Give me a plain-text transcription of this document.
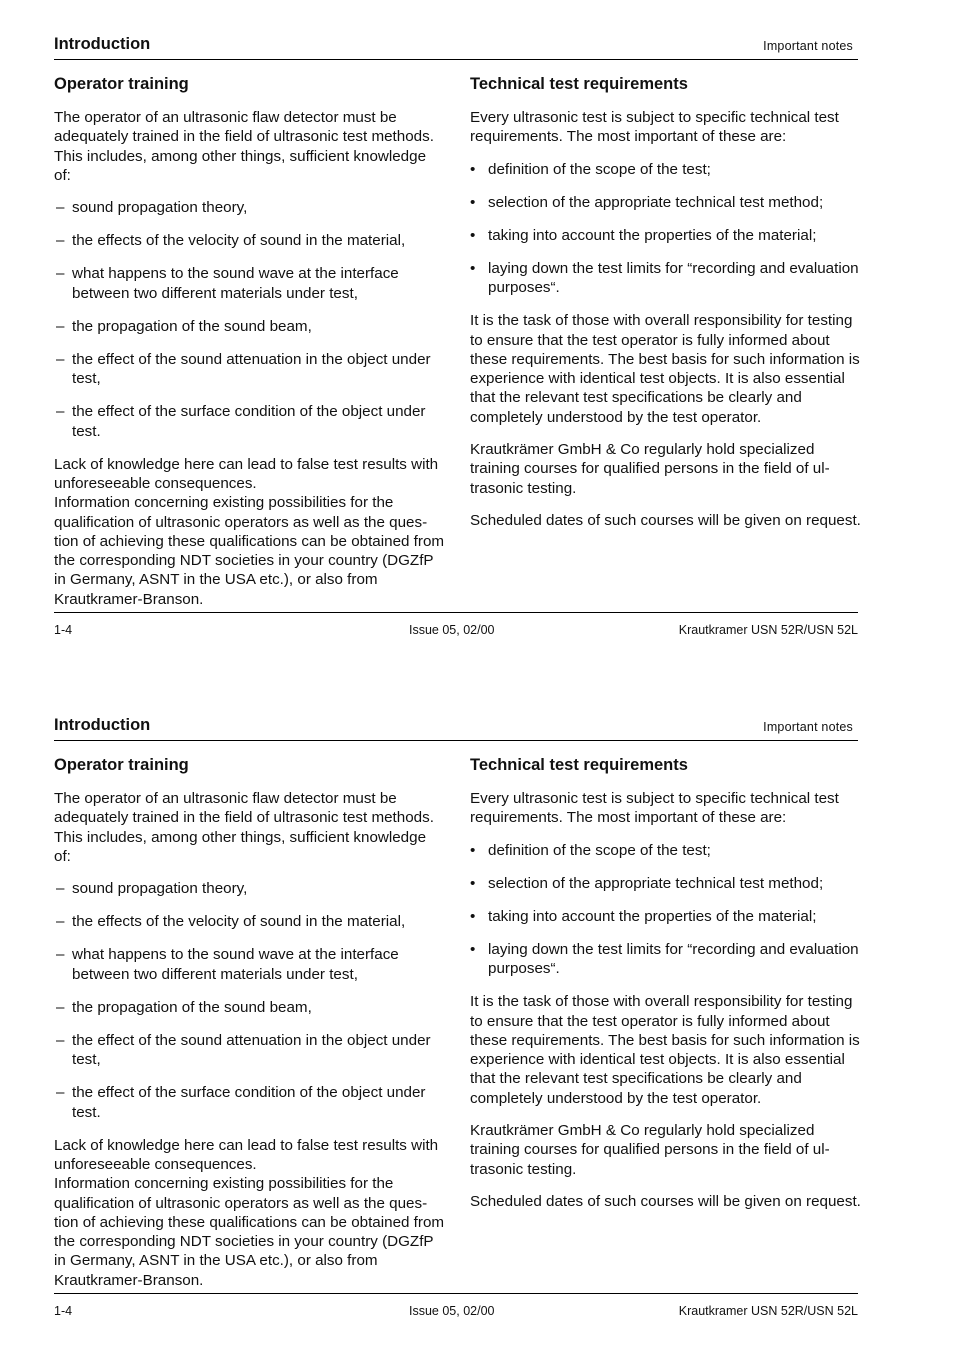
Introduction	Important notes
Operator training

The operator of an ultrasonic flaw detector must be adequately trained in the field of ultrasonic test methods. This includes, among other things, sufficient knowledge of:

– sound propagation theory,
– the effects of the velocity of sound in the material,
– what happens to the sound wave at the interface between two different materials under test,
– the propagation of the sound beam,
– the effect of the sound attenuation in the object under test,
– the effect of the surface condition of the object under test.

Lack of knowledge here can lead to false test results with unforeseeable consequences.

Information concerning existing possibilities for the qualification of ultrasonic operators as well as the question of achieving these qualifications can be obtained from the corresponding NDT societies in your country (DGZfP in Germany, ASNT in the USA etc.), or also from Krautkramer-Branson.

Technical test requirements

Every ultrasonic test is subject to specific technical test requirements. The most important of these are:

• definition of the scope of the test;
• selection of the appropriate technical test method;
• taking into account the properties of the material;
• laying down the test limits for “recording and evaluation purposes“.

It is the task of those with overall responsibility for testing to ensure that the test operator is fully informed about these requirements. The best basis for such information is experience with identical test objects. It is also essential that the relevant test specifications be clearly and completely understood by the test operator.

Krautkrämer GmbH & Co regularly hold specialized training courses for qualified persons in the field of ultrasonic testing.

Scheduled dates of such courses will be given on request.

1-4	Issue 05, 02/00	Krautkramer USN 52R/USN 52L
Introduction	Important notes
Operator training

The operator of an ultrasonic flaw detector must be adequately trained in the field of ultrasonic test methods. This includes, among other things, sufficient knowledge of:

– sound propagation theory,
– the effects of the velocity of sound in the material,
– what happens to the sound wave at the interface between two different materials under test,
– the propagation of the sound beam,
– the effect of the sound attenuation in the object under test,
– the effect of the surface condition of the object under test.

Lack of knowledge here can lead to false test results with unforeseeable consequences.

Information concerning existing possibilities for the qualification of ultrasonic operators as well as the question of achieving these qualifications can be obtained from the corresponding NDT societies in your country (DGZfP in Germany, ASNT in the USA etc.), or also from Krautkramer-Branson.

Technical test requirements

Every ultrasonic test is subject to specific technical test requirements. The most important of these are:

• definition of the scope of the test;
• selection of the appropriate technical test method;
• taking into account the properties of the material;
• laying down the test limits for “recording and evaluation purposes“.

It is the task of those with overall responsibility for testing to ensure that the test operator is fully informed about these requirements. The best basis for such information is experience with identical test objects. It is also essential that the relevant test specifications be clearly and completely understood by the test operator.

Krautkrämer GmbH & Co regularly hold specialized training courses for qualified persons in the field of ultrasonic testing.

Scheduled dates of such courses will be given on request.

1-4	Issue 05, 02/00	Krautkramer USN 52R/USN 52L
